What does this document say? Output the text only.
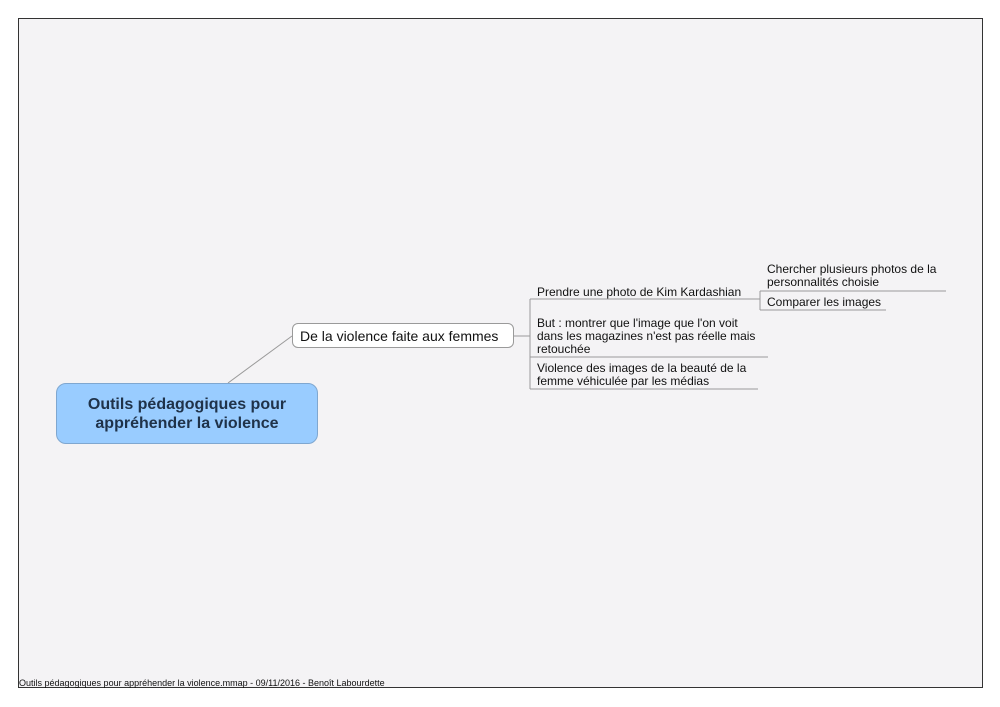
Outils pédagogiques pour
appréhender la violence
De la violence faite aux femmes
Prendre une photo de Kim Kardashian
But : montrer que l'image que l'on voit
dans les magazines n'est pas réelle mais
retouchée
Violence des images de la beauté de la
femme véhiculée par les médias
Chercher plusieurs photos de la
personnalités choisie
Comparer les images
Outils pédagogiques pour appréhender la violence.mmap - 09/11/2016 - Benoît Labourdette
